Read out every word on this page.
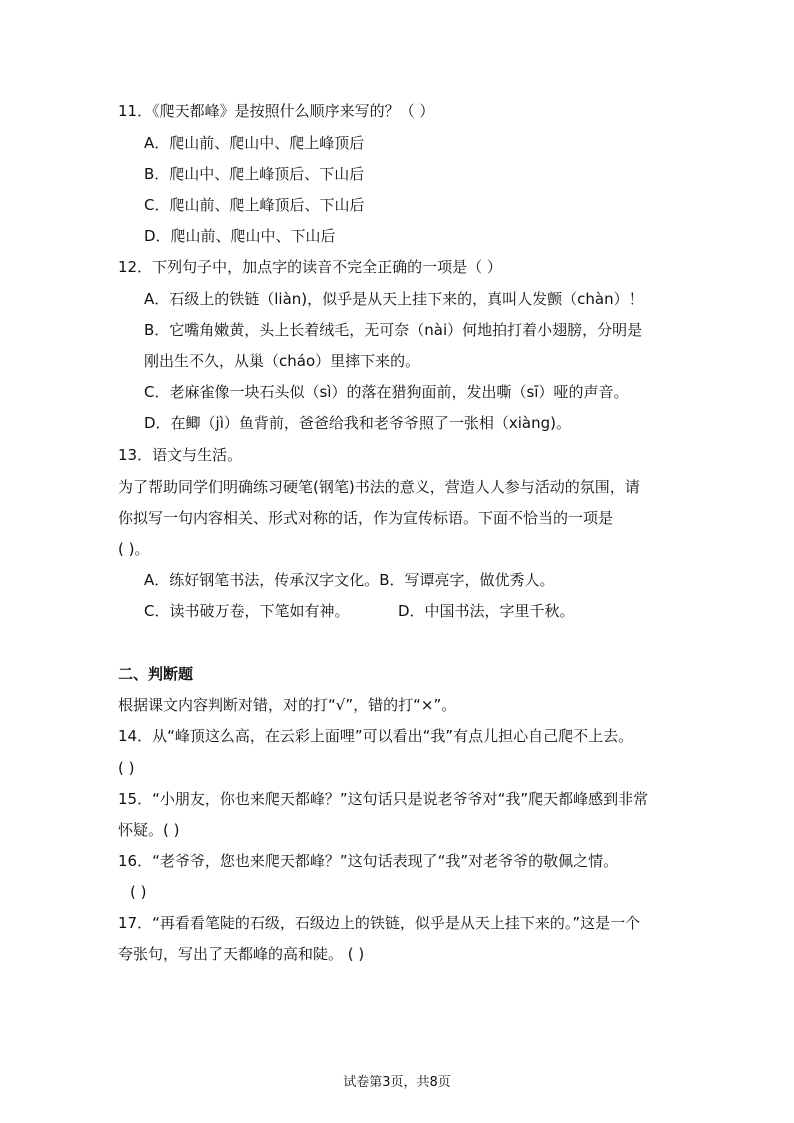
11．《爬天都峰》是按照什么顺序来写的？（ ）
A．爬山前、爬山中、爬上峰顶后
B．爬山中、爬上峰顶后、下山后
C．爬山前、爬上峰顶后、下山后
D．爬山前、爬山中、下山后
12．下列句子中，加点字的读音不完全正确的一项是（ ）
A．石级上的铁链（liàn)，似乎是从天上挂下来的，真叫人发颤（chàn）！
B．它嘴角嫩黄，头上长着绒毛，无可奈（nài）何地拍打着小翅膀，分明是
刚出生不久，从巢（cháo）里摔下来的。
C．老麻雀像一块石头似（sì）的落在猎狗面前，发出嘶（sī）哑的声音。
D．在鲫（jì）鱼背前，爸爸给我和老爷爷照了一张相（xiàng)。
13．语文与生活。
为了帮助同学们明确练习硬笔(钢笔)书法的意义，营造人人参与活动的氛围，请
你拟写一句内容相关、形式对称的话，作为宣传标语。下面不恰当的一项是
( )。
A．练好钢笔书法，传承汉字文化。B．写谭亮字，做优秀人。
C．读书破万卷，下笔如有神。	D．中国书法，字里千秋。
二、判断题
根据课文内容判断对错，对的打“√”，错的打“×”。
14．从“峰顶这么高，在云彩上面哩”可以看出“我”有点儿担心自己爬不上去。
( )
15．“小朋友，你也来爬天都峰？”这句话只是说老爷爷对“我”爬天都峰感到非常
怀疑。( )
16．“老爷爷，您也来爬天都峰？”这句话表现了“我”对老爷爷的敬佩之情。
( )
17．“再看看笔陡的石级，石级边上的铁链，似乎是从天上挂下来的。”这是一个
夸张句，写出了天都峰的高和陡。 ( )
试卷第3页，共8页
